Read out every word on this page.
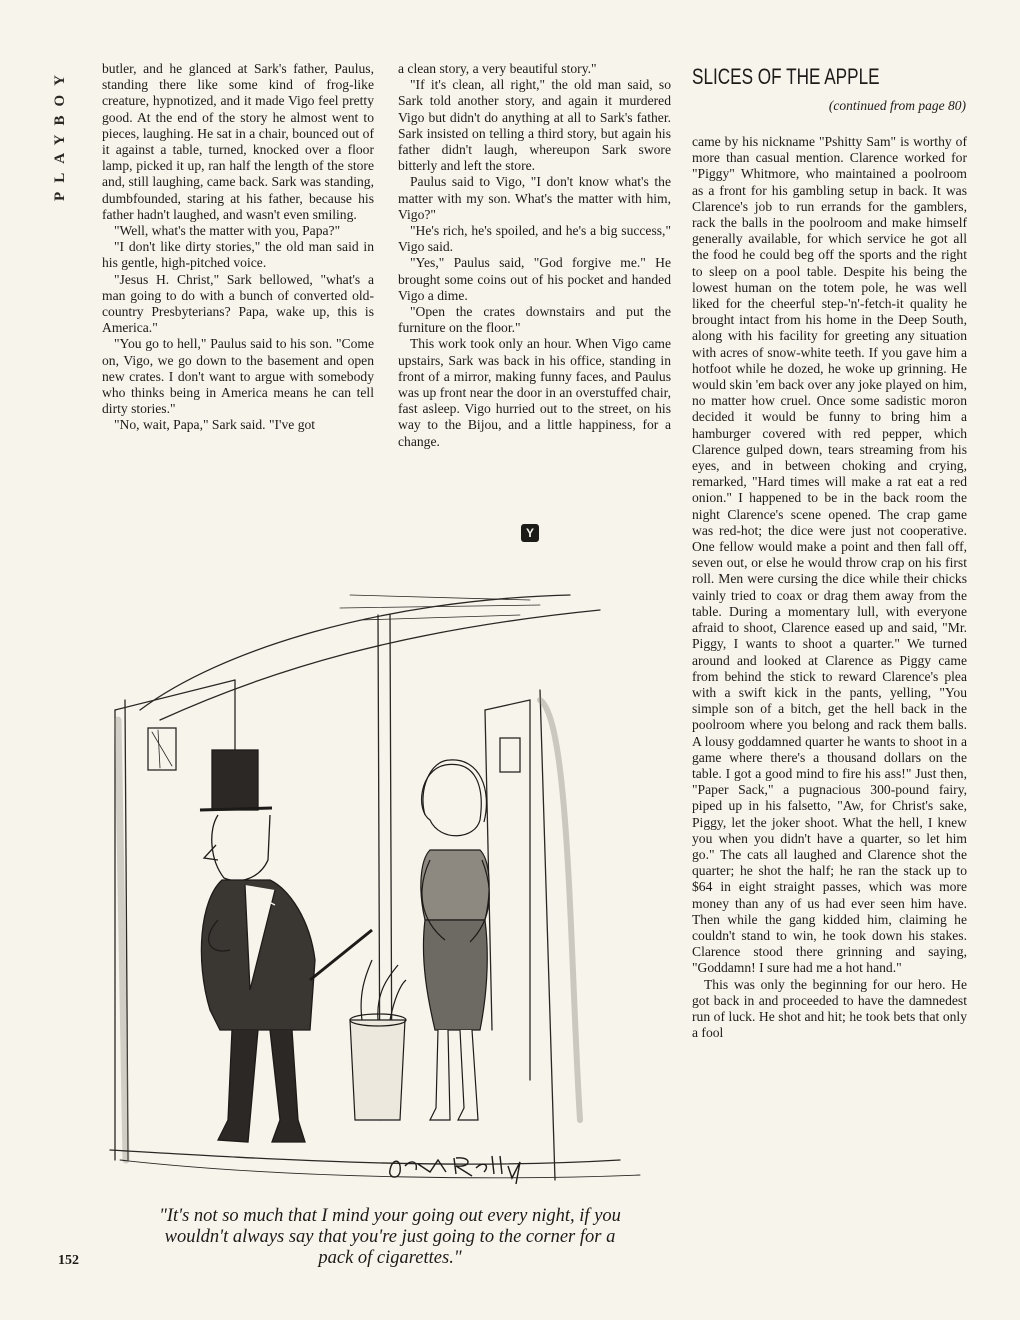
PLAYBOY	butler, and he glanced at Sark's father, Paulus, standing there like some kind of frog-like creature, hypnotized, and it made Vigo feel pretty good. At the end of the story he almost went to pieces, laughing. He sat in a chair, bounced out of it against a table, turned, knocked over a floor lamp, picked it up, ran half the length of the store and, still laughing, came back. Sark was standing, dumbfounded, staring at his father, because his father hadn't laughed, and wasn't even smiling.

"Well, what's the matter with you, Papa?"

"I don't like dirty stories," the old man said in his gentle, high-pitched voice.

"Jesus H. Christ," Sark bellowed, "what's a man going to do with a bunch of converted old-country Presbyterians? Papa, wake up, this is America."

"You go to hell," Paulus said to his son. "Come on, Vigo, we go down to the basement and open new crates. I don't want to argue with somebody who thinks being in America means he can tell dirty stories."

"No, wait, Papa," Sark said. "I've got

a clean story, a very beautiful story."

"If it's clean, all right," the old man said, so Sark told another story, and again it murdered Vigo but didn't do anything at all to Sark's father. Sark insisted on telling a third story, but again his father didn't laugh, whereupon Sark swore bitterly and left the store.

Paulus said to Vigo, "I don't know what's the matter with my son. What's the matter with him, Vigo?"

"He's rich, he's spoiled, and he's a big success," Vigo said.

"Yes," Paulus said, "God forgive me." He brought some coins out of his pocket and handed Vigo a dime.

"Open the crates downstairs and put the furniture on the floor."

This work took only an hour. When Vigo came upstairs, Sark was back in his office, standing in front of a mirror, making funny faces, and Paulus was up front near the door in an overstuffed chair, fast asleep. Vigo hurried out to the street, on his way to the Bijou, and a little happiness, for a change.

Y
SLICES OF THE APPLE
(continued from page 80)

came by his nickname "Pshitty Sam" is worthy of more than casual mention. Clarence worked for "Piggy" Whitmore, who maintained a poolroom as a front for his gambling setup in back. It was Clarence's job to run errands for the gamblers, rack the balls in the poolroom and make himself generally available, for which service he got all the food he could beg off the sports and the right to sleep on a pool table. Despite his being the lowest human on the totem pole, he was well liked for the cheerful step-'n'-fetch-it quality he brought intact from his home in the Deep South, along with his facility for greeting any situation with acres of snow-white teeth. If you gave him a hotfoot while he dozed, he woke up grinning. He would skin 'em back over any joke played on him, no matter how cruel. Once some sadistic moron decided it would be funny to bring him a hamburger covered with red pepper, which Clarence gulped down, tears streaming from his eyes, and in between choking and crying, remarked, "Hard times will make a rat eat a red onion." I happened to be in the back room the night Clarence's scene opened. The crap game was red-hot; the dice were just not cooperative. One fellow would make a point and then fall off, seven out, or else he would throw crap on his first roll. Men were cursing the dice while their chicks vainly tried to coax or drag them away from the table. During a momentary lull, with everyone afraid to shoot, Clarence eased up and said, "Mr. Piggy, I wants to shoot a quarter." We turned around and looked at Clarence as Piggy came from behind the stick to reward Clarence's plea with a swift kick in the pants, yelling, "You simple son of a bitch, get the hell back in the poolroom where you belong and rack them balls. A lousy goddamned quarter he wants to shoot in a game where there's a thousand dollars on the table. I got a good mind to fire his ass!" Just then, "Paper Sack," a pugnacious 300-pound fairy, piped up in his falsetto, "Aw, for Christ's sake, Piggy, let the joker shoot. What the hell, I knew you when you didn't have a quarter, so let him go." The cats all laughed and Clarence shot the quarter; he shot the half; he ran the stack up to $64 in eight straight passes, which was more money than any of us had ever seen him have. Then while the gang kidded him, claiming he couldn't stand to win, he took down his stakes. Clarence stood there grinning and saying, "Goddamn! I sure had me a hot hand."

This was only the beginning for our hero. He got back in and proceeded to have the damnedest run of luck. He shot and hit; he took bets that only a fool

"It's not so much that I mind your going out every night, if you wouldn't always say that you're just going to the corner for a pack of cigarettes."
152
